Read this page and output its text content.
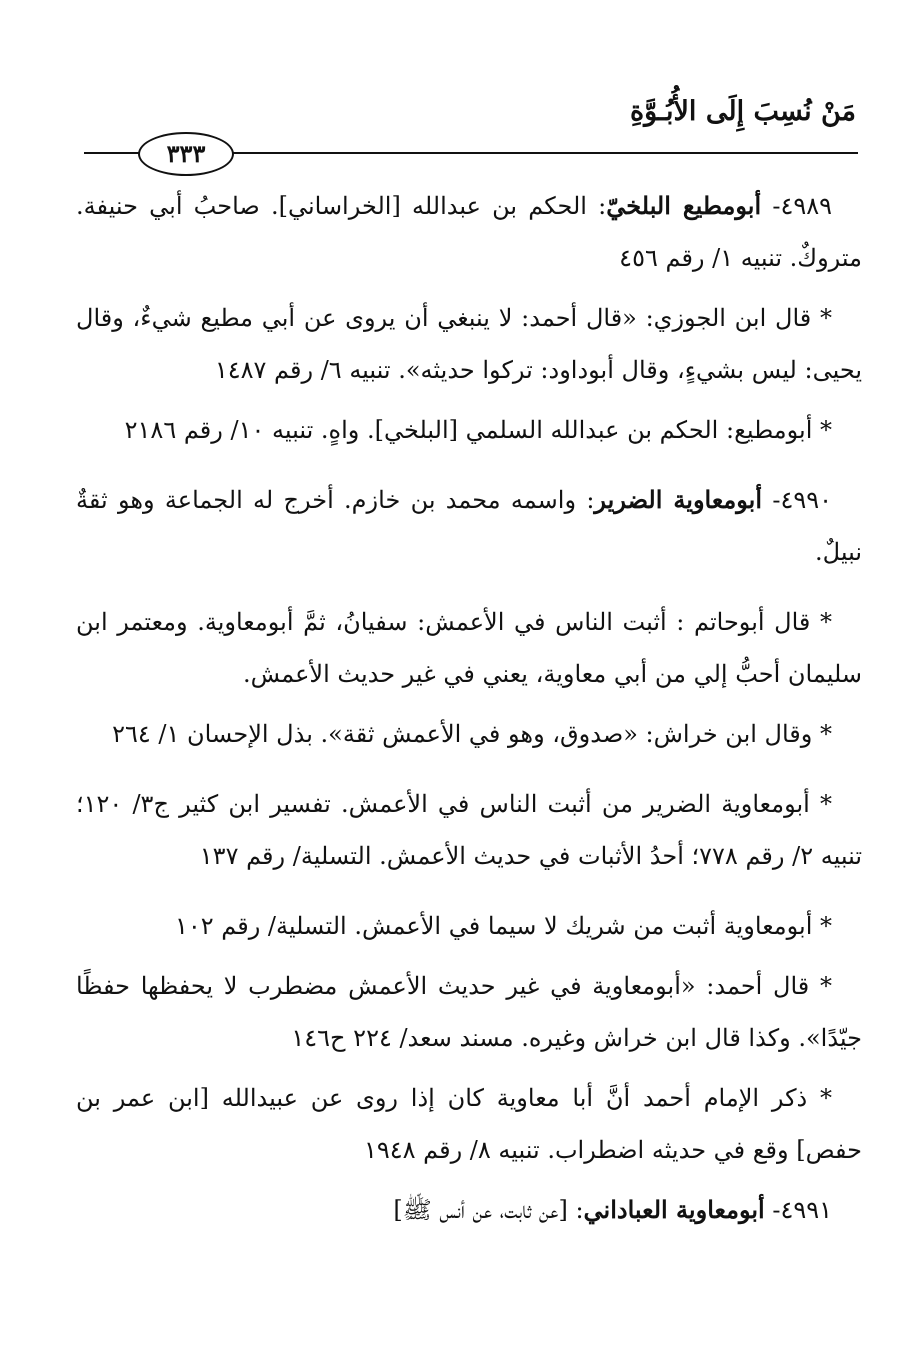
مَنْ نُسِبَ إِلَى الأُبُـوَّةِ
٣٣٣

٤٩٨٩- أبومطيع البلخيّ: الحكم بن عبدالله [الخراساني]. صاحبُ أبي حنيفة. متروكٌ. تنبيه ١/ رقم ٤٥٦

* قال ابن الجوزي: «قال أحمد: لا ينبغي أن يروى عن أبي مطيع شيءٌ، وقال يحيى: ليس بشيءٍ، وقال أبوداود: تركوا حديثه». تنبيه ٦/ رقم ١٤٨٧

* أبومطيع: الحكم بن عبدالله السلمي [البلخي]. واهٍ. تنبيه ١٠/ رقم ٢١٨٦

٤٩٩٠- أبومعاوية الضرير: واسمه محمد بن خازم. أخرج له الجماعة وهو ثقةٌ نبيلٌ.

* قال أبوحاتم : أثبت الناس في الأعمش: سفيانُ، ثمَّ أبومعاوية. ومعتمر ابن سليمان أحبُّ إلي من أبي معاوية، يعني في غير حديث الأعمش.

* وقال ابن خراش: «صدوق، وهو في الأعمش ثقة». بذل الإحسان ١/ ٢٦٤

* أبومعاوية الضرير من أثبت الناس في الأعمش. تفسير ابن كثير ج٣/ ١٢٠؛ تنبيه ٢/ رقم ٧٧٨؛ أحدُ الأثبات في حديث الأعمش. التسلية/ رقم ١٣٧

* أبومعاوية أثبت من شريك لا سيما في الأعمش. التسلية/ رقم ١٠٢

* قال أحمد: «أبومعاوية في غير حديث الأعمش مضطرب لا يحفظها حفظًا جيّدًا». وكذا قال ابن خراش وغيره. مسند سعد/ ٢٢٤ ح١٤٦

* ذكر الإمام أحمد أنَّ أبا معاوية كان إذا روى عن عبيدالله [ابن عمر بن حفص] وقع في حديثه اضطراب. تنبيه ٨/ رقم ١٩٤٨

٤٩٩١- أبومعاوية العباداني: [عن ثابت، عن أنس ﷺ]
